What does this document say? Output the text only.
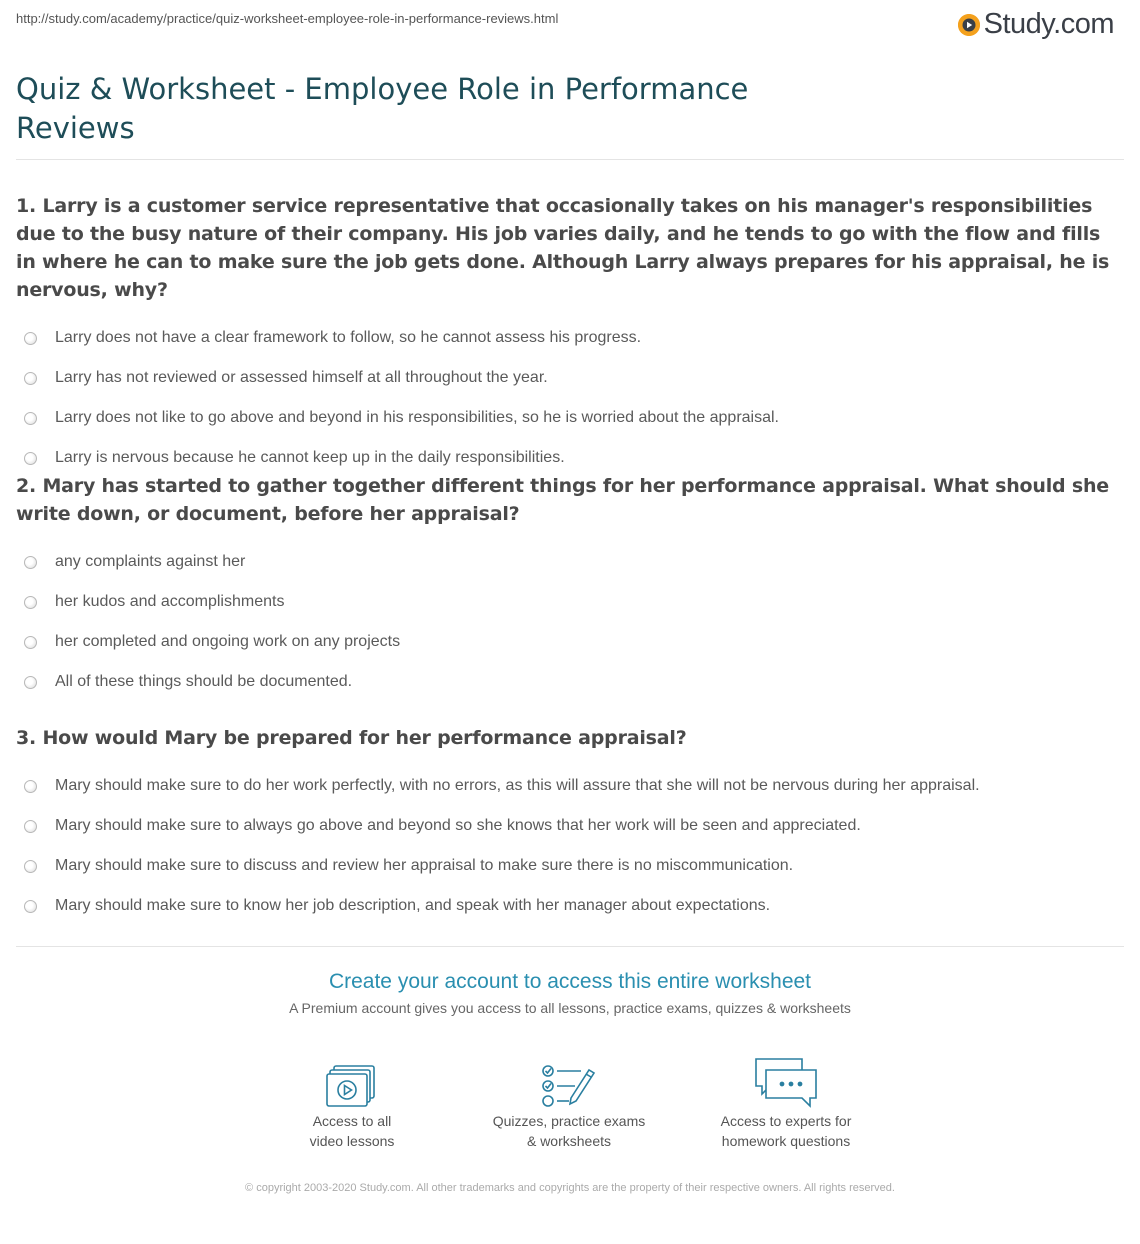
http://study.com/academy/practice/quiz-worksheet-employee-role-in-performance-reviews.html	Study.com
Quiz & Worksheet - Employee Role in Performance Reviews

1. Larry is a customer service representative that occasionally takes on his manager's responsibilities due to the busy nature of their company. His job varies daily, and he tends to go with the flow and fills in where he can to make sure the job gets done. Although Larry always prepares for his appraisal, he is nervous, why?

Larry does not have a clear framework to follow, so he cannot assess his progress.
Larry has not reviewed or assessed himself at all throughout the year.
Larry does not like to go above and beyond in his responsibilities, so he is worried about the appraisal.
Larry is nervous because he cannot keep up in the daily responsibilities.

2. Mary has started to gather together different things for her performance appraisal. What should she write down, or document, before her appraisal?

any complaints against her
her kudos and accomplishments
her completed and ongoing work on any projects
All of these things should be documented.

3. How would Mary be prepared for her performance appraisal?

Mary should make sure to do her work perfectly, with no errors, as this will assure that she will not be nervous during her appraisal.
Mary should make sure to always go above and beyond so she knows that her work will be seen and appreciated.
Mary should make sure to discuss and review her appraisal to make sure there is no miscommunication.
Mary should make sure to know her job description, and speak with her manager about expectations.
Create your account to access this entire worksheet
A Premium account gives you access to all lessons, practice exams, quizzes & worksheets
Access to all
video lessons
Quizzes, practice exams
& worksheets
Access to experts for
homework questions
© copyright 2003-2020 Study.com. All other trademarks and copyrights are the property of their respective owners. All rights reserved.
